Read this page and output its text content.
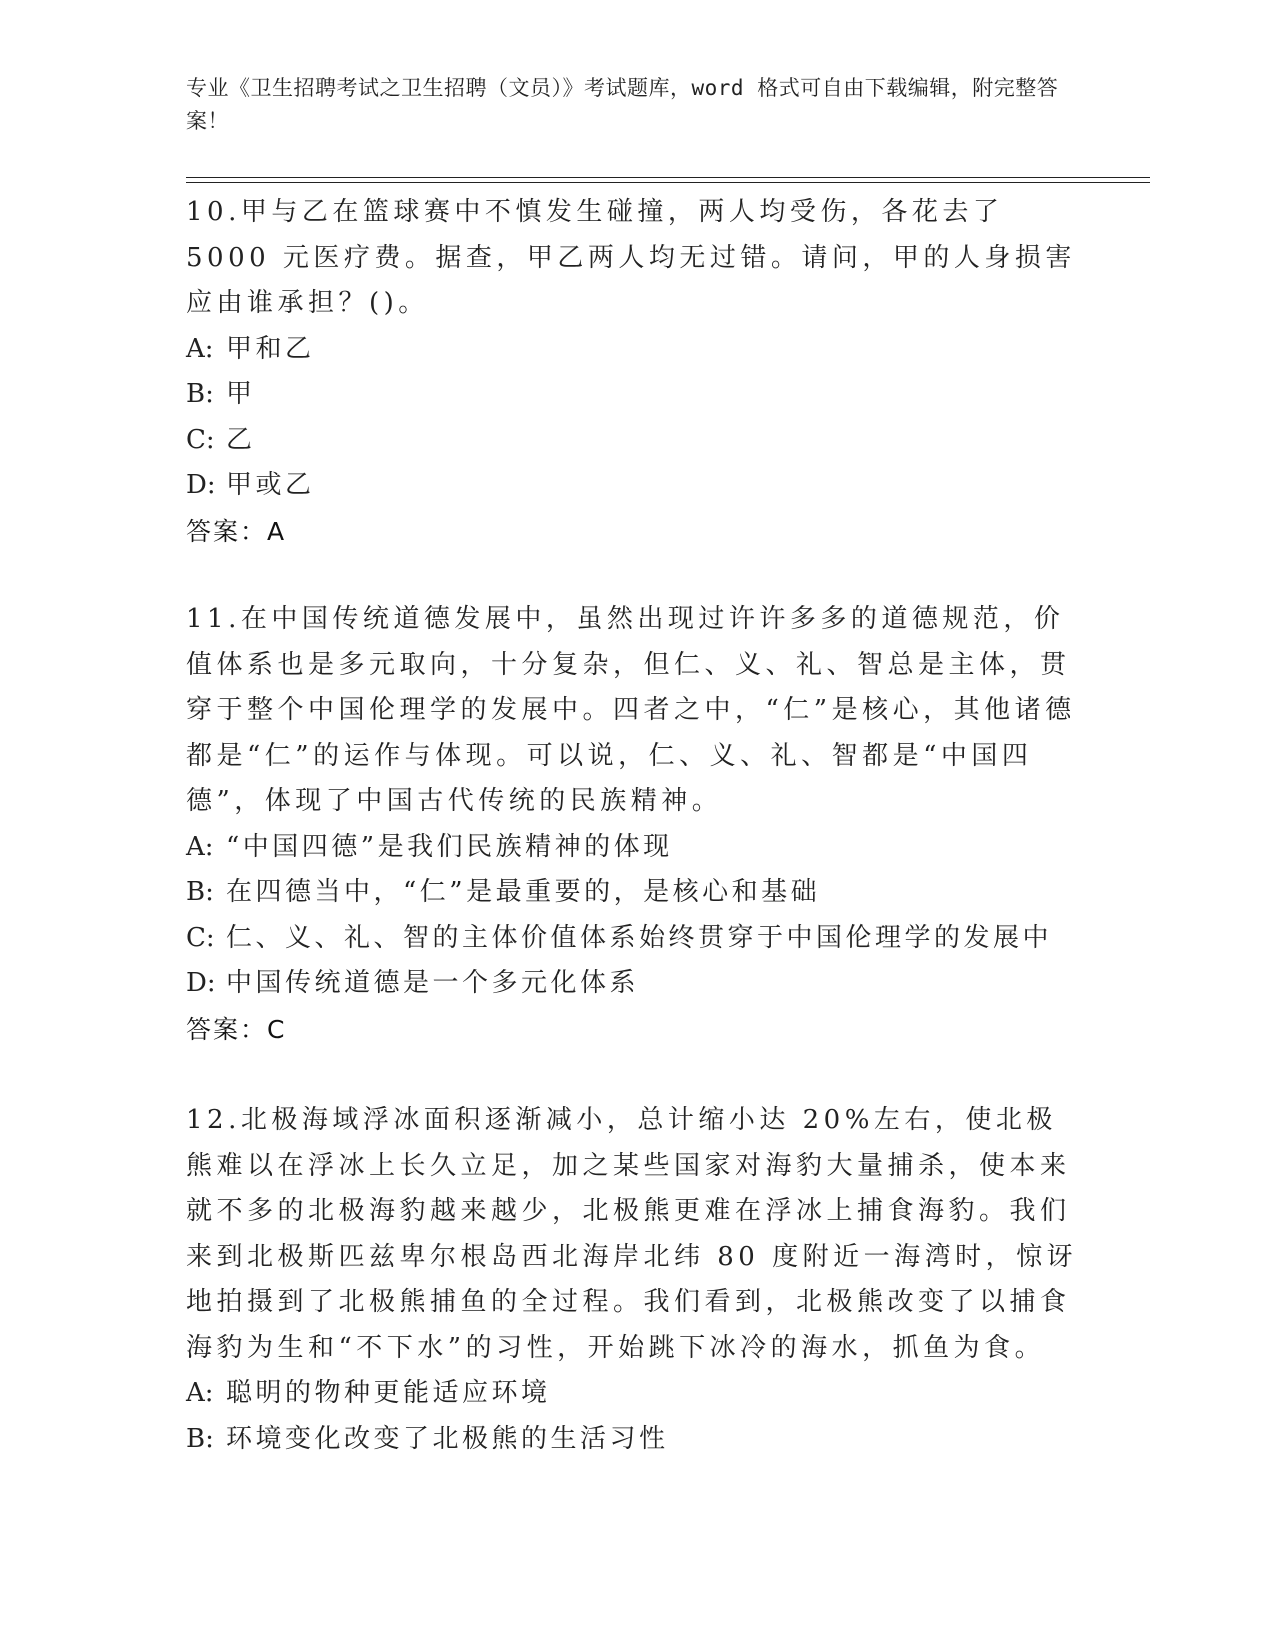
专业《卫生招聘考试之卫生招聘（文员）》考试题库，word 格式可自由下载编辑，附完整答案！

10.甲与乙在篮球赛中不慎发生碰撞，两人均受伤，各花去了 5000 元医疗费。据查，甲乙两人均无过错。请问，甲的人身损害应由谁承担？()。

A: 甲和乙

B: 甲

C: 乙

D: 甲或乙

答案：A

11.在中国传统道德发展中，虽然出现过许许多多的道德规范，价值体系也是多元取向，十分复杂，但仁、义、礼、智总是主体，贯穿于整个中国伦理学的发展中。四者之中，“仁”是核心，其他诸德都是“仁”的运作与体现。可以说，仁、义、礼、智都是“中国四德”，体现了中国古代传统的民族精神。

A: “中国四德”是我们民族精神的体现

B: 在四德当中，“仁”是最重要的，是核心和基础

C: 仁、义、礼、智的主体价值体系始终贯穿于中国伦理学的发展中

D: 中国传统道德是一个多元化体系

答案：C

12.北极海域浮冰面积逐渐减小，总计缩小达 20%左右，使北极熊难以在浮冰上长久立足，加之某些国家对海豹大量捕杀，使本来就不多的北极海豹越来越少，北极熊更难在浮冰上捕食海豹。我们来到北极斯匹兹卑尔根岛西北海岸北纬 80 度附近一海湾时，惊讶地拍摄到了北极熊捕鱼的全过程。我们看到，北极熊改变了以捕食海豹为生和“不下水”的习性，开始跳下冰冷的海水，抓鱼为食。

A: 聪明的物种更能适应环境

B: 环境变化改变了北极熊的生活习性
